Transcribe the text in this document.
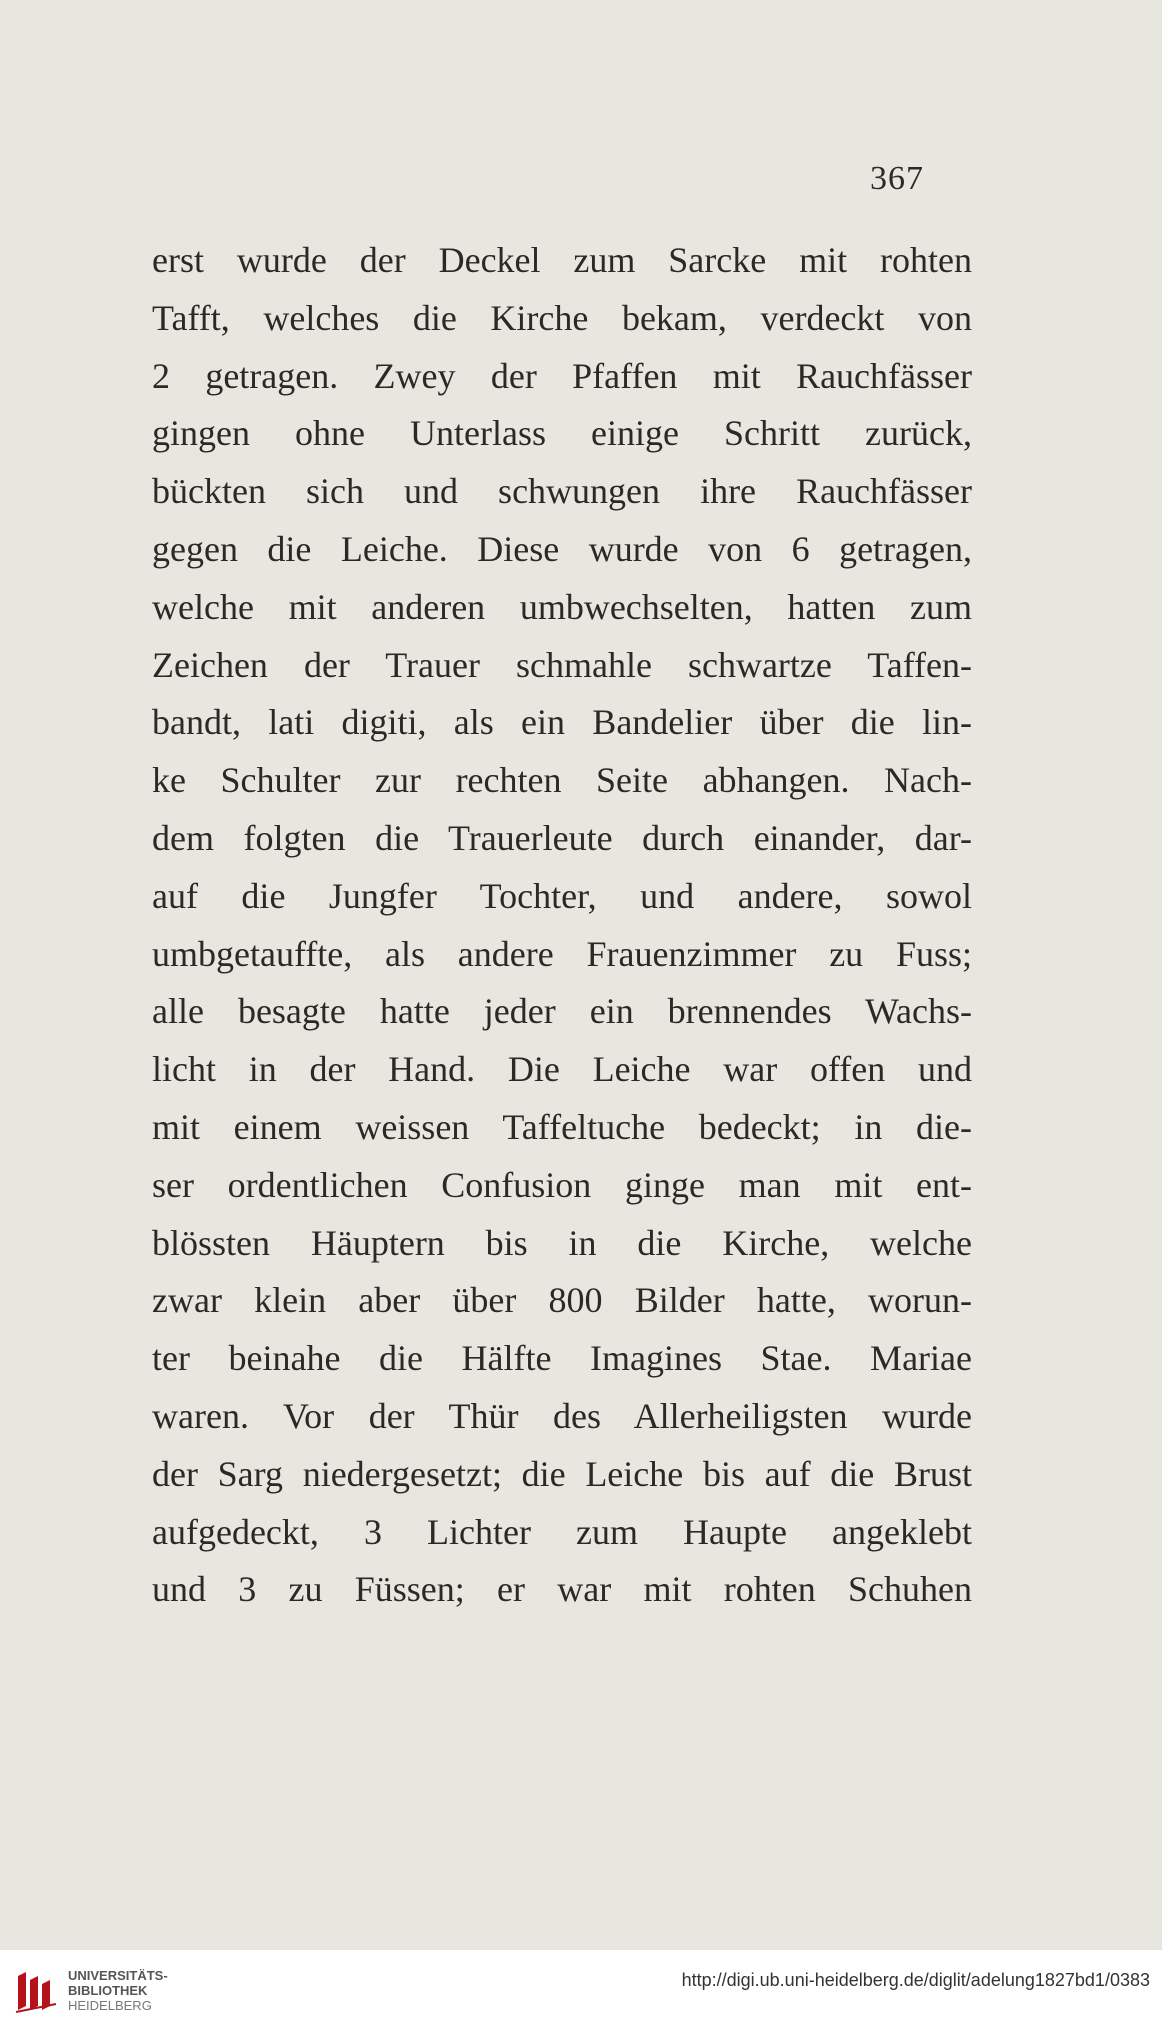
367
erst wurde der Deckel zum Sarcke mit rohten
Tafft, welches die Kirche bekam, verdeckt von
2 getragen. Zwey der Pfaffen mit Rauchfässer
gingen ohne Unterlass einige Schritt zurück,
bückten sich und schwungen ihre Rauchfässer
gegen die Leiche. Diese wurde von 6 getragen,
welche mit anderen umbwechselten, hatten zum
Zeichen der Trauer schmahle schwartze Taffen-
bandt, lati digiti, als ein Bandelier über die lin-
ke Schulter zur rechten Seite abhangen. Nach-
dem folgten die Trauerleute durch einander, dar-
auf die Jungfer Tochter, und andere, sowol
umbgetauffte, als andere Frauenzimmer zu Fuss;
alle besagte hatte jeder ein brennendes Wachs-
licht in der Hand. Die Leiche war offen und
mit einem weissen Taffeltuche bedeckt; in die-
ser ordentlichen Confusion ginge man mit ent-
blössten Häuptern bis in die Kirche, welche
zwar klein aber über 800 Bilder hatte, worun-
ter beinahe die Hälfte Imagines Stae. Mariae
waren. Vor der Thür des Allerheiligsten wurde
der Sarg niedergesetzt; die Leiche bis auf die Brust
aufgedeckt, 3 Lichter zum Haupte angeklebt
und 3 zu Füssen; er war mit rohten Schuhen
UNIVERSITÄTS-
BIBLIOTHEK
HEIDELBERG
http://digi.ub.uni-heidelberg.de/diglit/adelung1827bd1/0383
